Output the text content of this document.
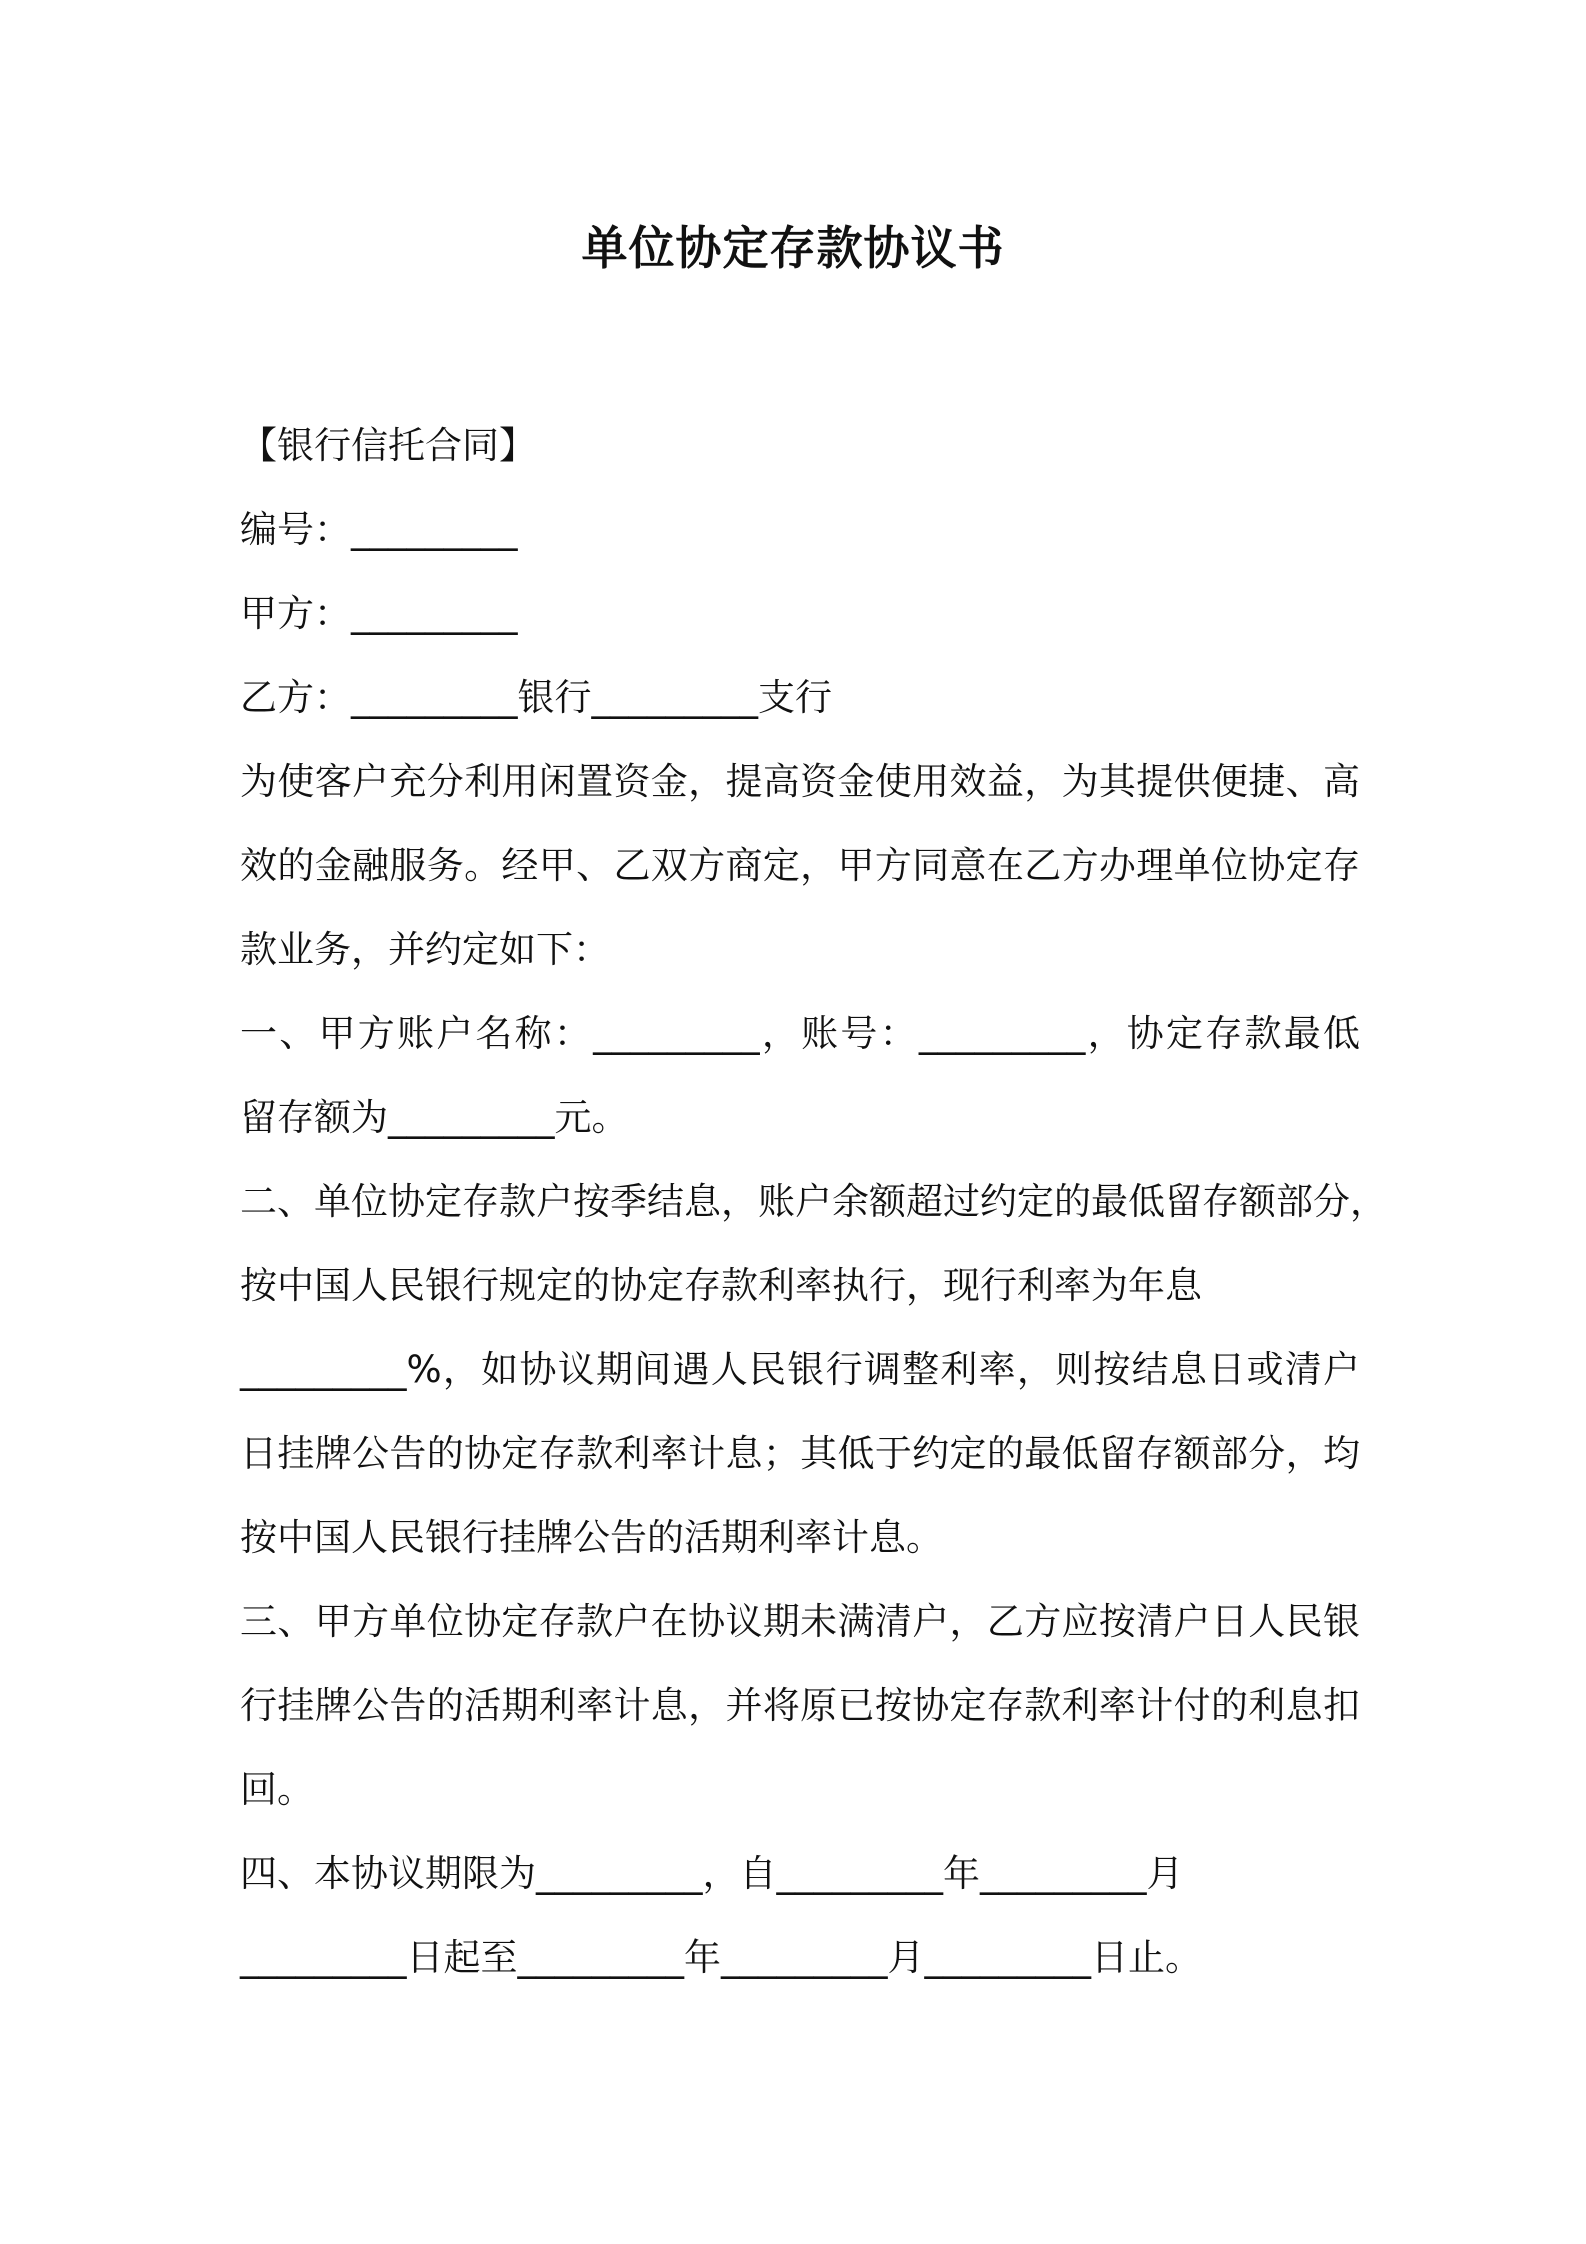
单位协定存款协议书
【银行信托合同】
编号：_________
甲方：_________
乙方：_________银行_________支行
为使客户充分利用闲置资金，提高资金使用效益，为其提供便捷、高
效的金融服务。经甲、乙双方商定，甲方同意在乙方办理单位协定存
款业务，并约定如下：
一、甲方账户名称：_________，账号：_________，协定存款最低
留存额为_________元。
二、单位协定存款户按季结息，账户余额超过约定的最低留存额部分，
按中国人民银行规定的协定存款利率执行，现行利率为年息
_________%，如协议期间遇人民银行调整利率，则按结息日或清户
日挂牌公告的协定存款利率计息；其低于约定的最低留存额部分，均
按中国人民银行挂牌公告的活期利率计息。
三、甲方单位协定存款户在协议期未满清户，乙方应按清户日人民银
行挂牌公告的活期利率计息，并将原已按协定存款利率计付的利息扣
回。
四、本协议期限为_________，自_________年_________月
_________日起至_________年_________月_________日止。
